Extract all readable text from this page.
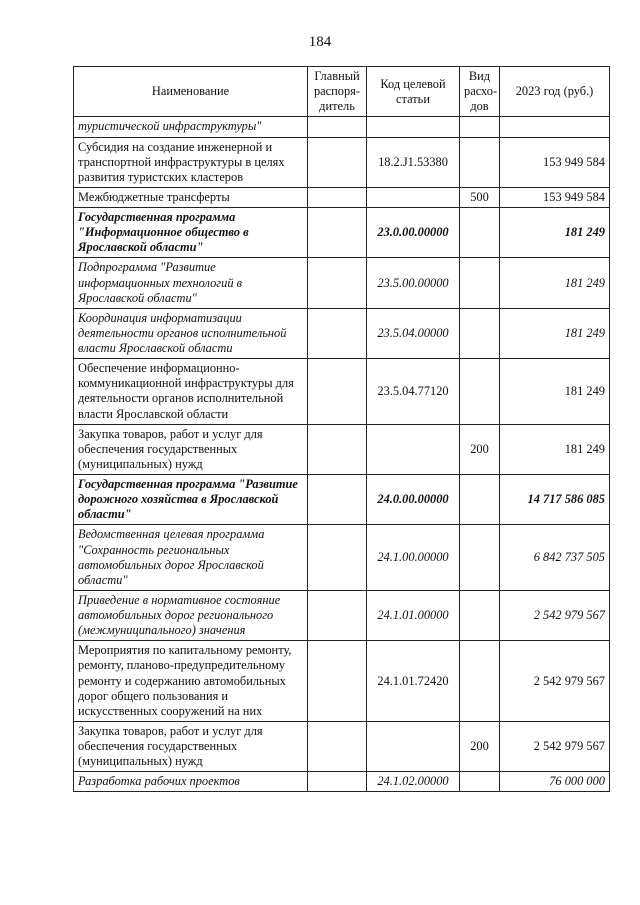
184
Наименование	Главный распоря-дитель	Код целевой статьи	Вид расхо-дов	2023 год (руб.)
туристической инфраструктуры"				
Субсидия на создание инженерной и транспортной инфраструктуры в целях развития туристских кластеров		18.2.J1.53380		153 949 584
Межбюджетные трансферты			500	153 949 584
Государственная программа "Информационное общество в Ярославской области"		23.0.00.00000		181 249
Подпрограмма "Развитие информационных технологий в Ярославской области"		23.5.00.00000		181 249
Координация информатизации деятельности органов исполнительной власти Ярославской области		23.5.04.00000		181 249
Обеспечение информационно-коммуникационной инфраструктуры для деятельности органов исполнительной власти Ярославской области		23.5.04.77120		181 249
Закупка товаров, работ и услуг для обеспечения государственных (муниципальных) нужд			200	181 249
Государственная программа "Развитие дорожного хозяйства в Ярославской области"		24.0.00.00000		14 717 586 085
Ведомственная целевая программа "Сохранность региональных автомобильных дорог Ярославской области"		24.1.00.00000		6 842 737 505
Приведение в нормативное состояние автомобильных дорог регионального (межмуниципального) значения		24.1.01.00000		2 542 979 567
Мероприятия по капитальному ремонту, ремонту, планово-предупредительному ремонту и содержанию автомобильных дорог общего пользования и искусственных сооружений на них		24.1.01.72420		2 542 979 567
Закупка товаров, работ и услуг для обеспечения государственных (муниципальных) нужд			200	2 542 979 567
Разработка рабочих проектов		24.1.02.00000		76 000 000
